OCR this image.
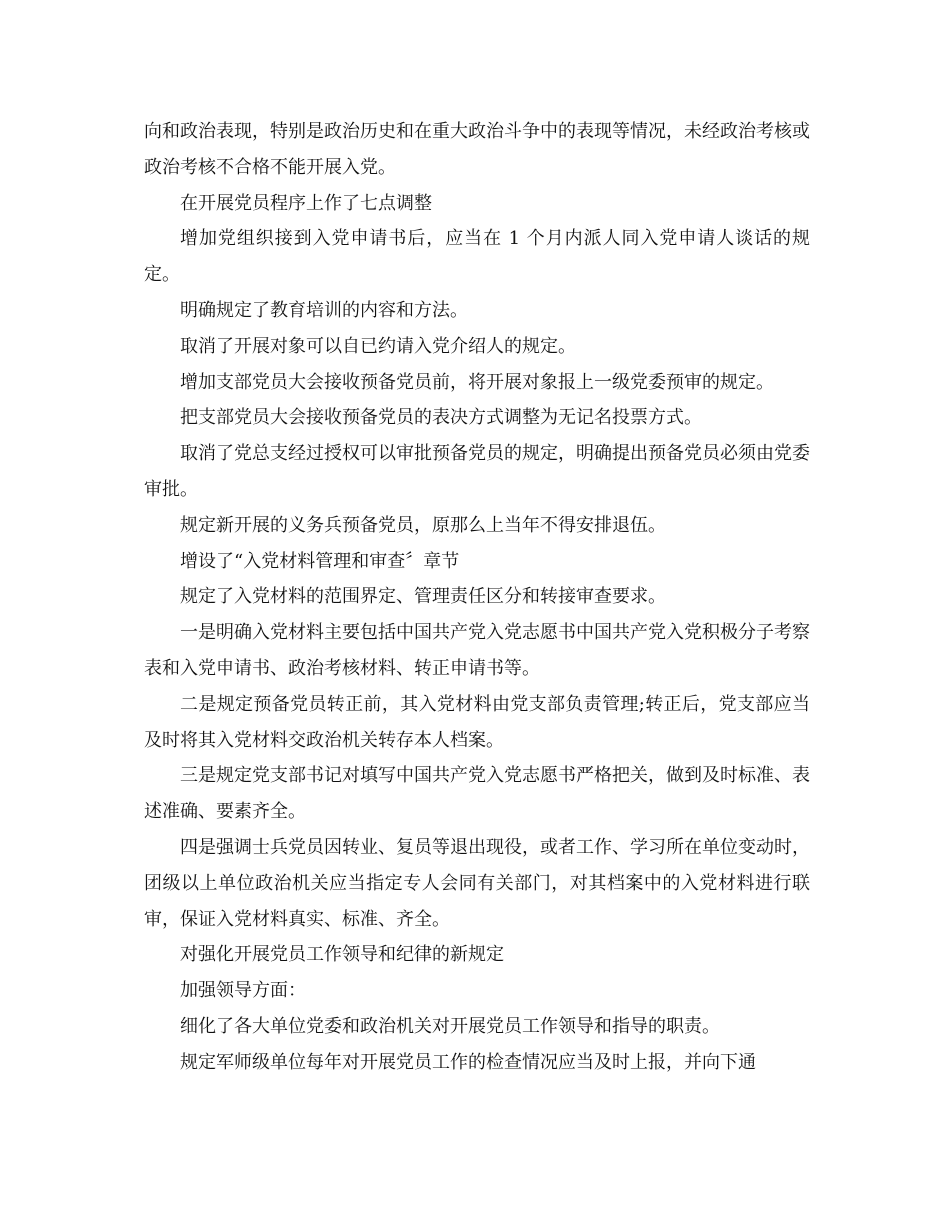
向和政治表现，特别是政治历史和在重大政治斗争中的表现等情况，未经政治考核或政治考核不合格不能开展入党。

在开展党员程序上作了七点调整

增加党组织接到入党申请书后，应当在 1 个月内派人同入党申请人谈话的规定。

明确规定了教育培训的内容和方法。

取消了开展对象可以自已约请入党介绍人的规定。

增加支部党员大会接收预备党员前，将开展对象报上一级党委预审的规定。

把支部党员大会接收预备党员的表决方式调整为无记名投票方式。

取消了党总支经过授权可以审批预备党员的规定，明确提出预备党员必须由党委审批。

规定新开展的义务兵预备党员，原那么上当年不得安排退伍。

增设了“入党材料管理和审查〞章节

规定了入党材料的范围界定、管理责任区分和转接审查要求。

一是明确入党材料主要包括中国共产党入党志愿书中国共产党入党积极分子考察表和入党申请书、政治考核材料、转正申请书等。

二是规定预备党员转正前，其入党材料由党支部负责管理;转正后，党支部应当及时将其入党材料交政治机关转存本人档案。

三是规定党支部书记对填写中国共产党入党志愿书严格把关，做到及时标准、表述准确、要素齐全。

四是强调士兵党员因转业、复员等退出现役，或者工作、学习所在单位变动时，团级以上单位政治机关应当指定专人会同有关部门，对其档案中的入党材料进行联审，保证入党材料真实、标准、齐全。

对强化开展党员工作领导和纪律的新规定

加强领导方面：

细化了各大单位党委和政治机关对开展党员工作领导和指导的职责。

规定军师级单位每年对开展党员工作的检查情况应当及时上报，并向下通
